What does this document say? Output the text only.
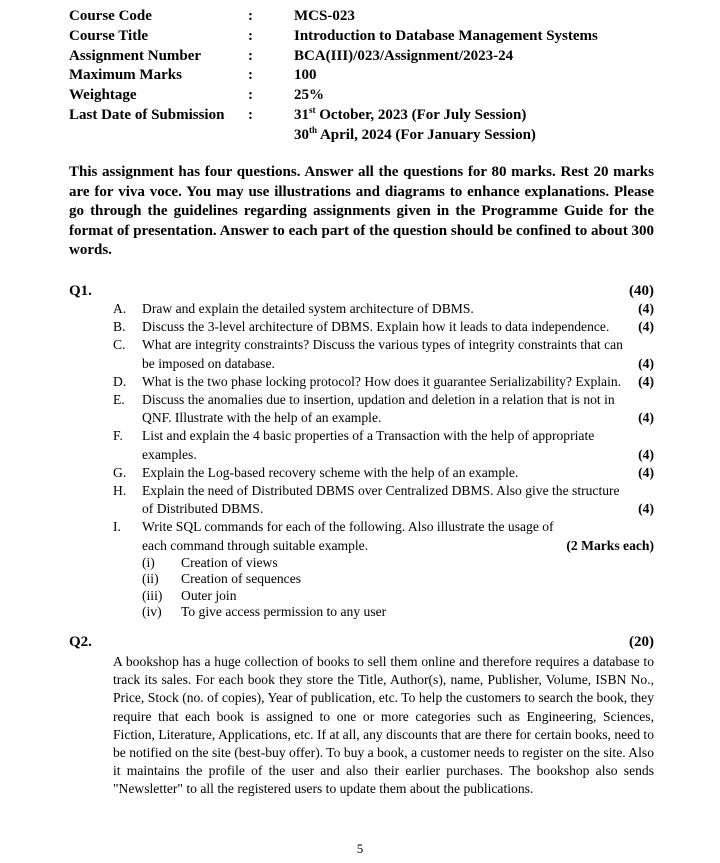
Course Code	:	MCS-023
Course Title	:	Introduction to Database Management Systems
Assignment Number	:	BCA(III)/023/Assignment/2023-24
Maximum Marks	:	100
Weightage	:	25%
Last Date of Submission :	31st October, 2023 (For July Session)
30th April, 2024 (For January Session)

This assignment has four questions. Answer all the questions for 80 marks. Rest 20 marks are for viva voce. You may use illustrations and diagrams to enhance explanations. Please go through the guidelines regarding assignments given in the Programme Guide for the format of presentation. Answer to each part of the question should be confined to about 300 words.

Q1.	(40)
A. Draw and explain the detailed system architecture of DBMS.	(4)
B. Discuss the 3-level architecture of DBMS. Explain how it leads to data independence.	(4)
C. What are integrity constraints? Discuss the various types of integrity constraints that can be imposed on database.	(4)
D. What is the two phase locking protocol? How does it guarantee Serializability? Explain.	(4)
E. Discuss the anomalies due to insertion, updation and deletion in a relation that is not in QNF. Illustrate with the help of an example.	(4)
F. List and explain the 4 basic properties of a Transaction with the help of appropriate examples.	(4)
G. Explain the Log-based recovery scheme with the help of an example.	(4)
H. Explain the need of Distributed DBMS over Centralized DBMS. Also give the structure of Distributed DBMS.	(4)
I. Write SQL commands for each of the following. Also illustrate the usage of each command through suitable example.	(2 Marks each)
(i) Creation of views
(ii) Creation of sequences
(iii) Outer join
(iv) To give access permission to any user
Q2.	(20)

A bookshop has a huge collection of books to sell them online and therefore requires a database to track its sales. For each book they store the Title, Author(s), name, Publisher, Volume, ISBN No., Price, Stock (no. of copies), Year of publication, etc. To help the customers to search the book, they require that each book is assigned to one or more categories such as Engineering, Sciences, Fiction, Literature, Applications, etc. If at all, any discounts that are there for certain books, need to be notified on the site (best-buy offer). To buy a book, a customer needs to register on the site. Also it maintains the profile of the user and also their earlier purchases. The bookshop also sends "Newsletter" to all the registered users to update them about the publications.

5
